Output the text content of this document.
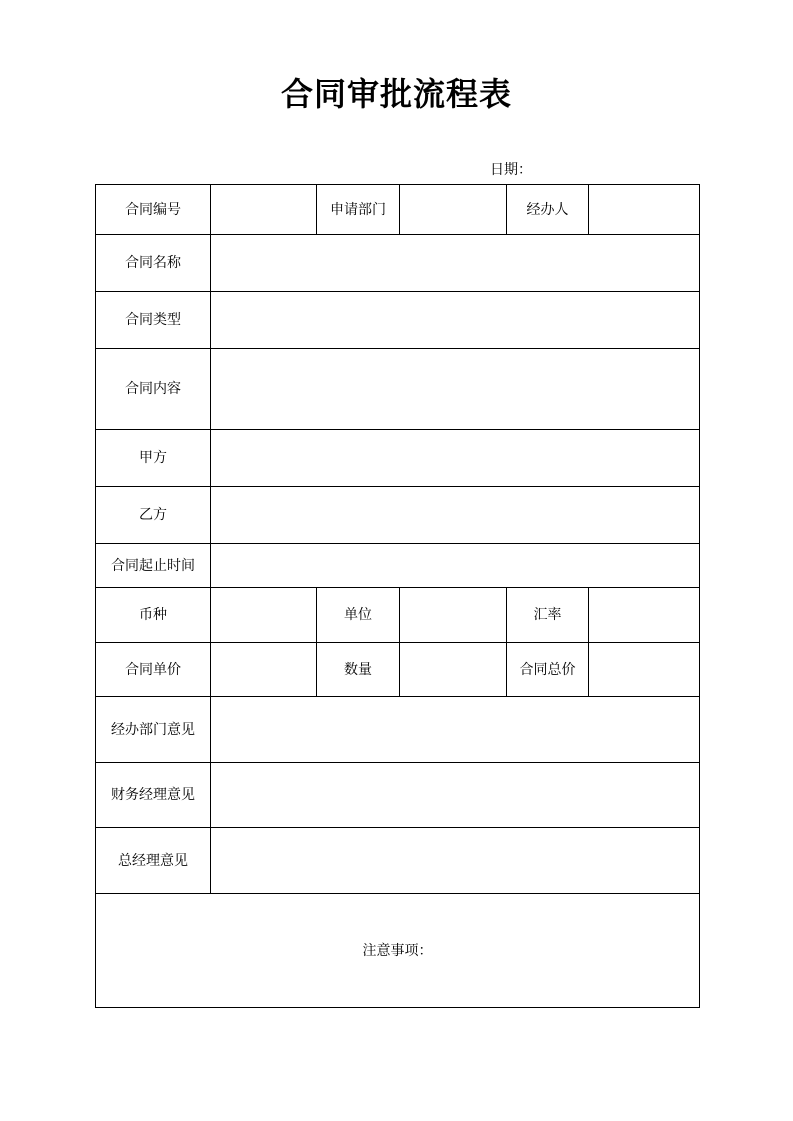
合同审批流程表
日期：
合同编号		申请部门		经办人	
合同名称					
合同类型					
合同内容					
甲方					
乙方					
合同起止时间					
币种		单位		汇率	
合同单价		数量		合同总价	
经办部门意见					
财务经理意见					
总经理意见					
注意事项：					
